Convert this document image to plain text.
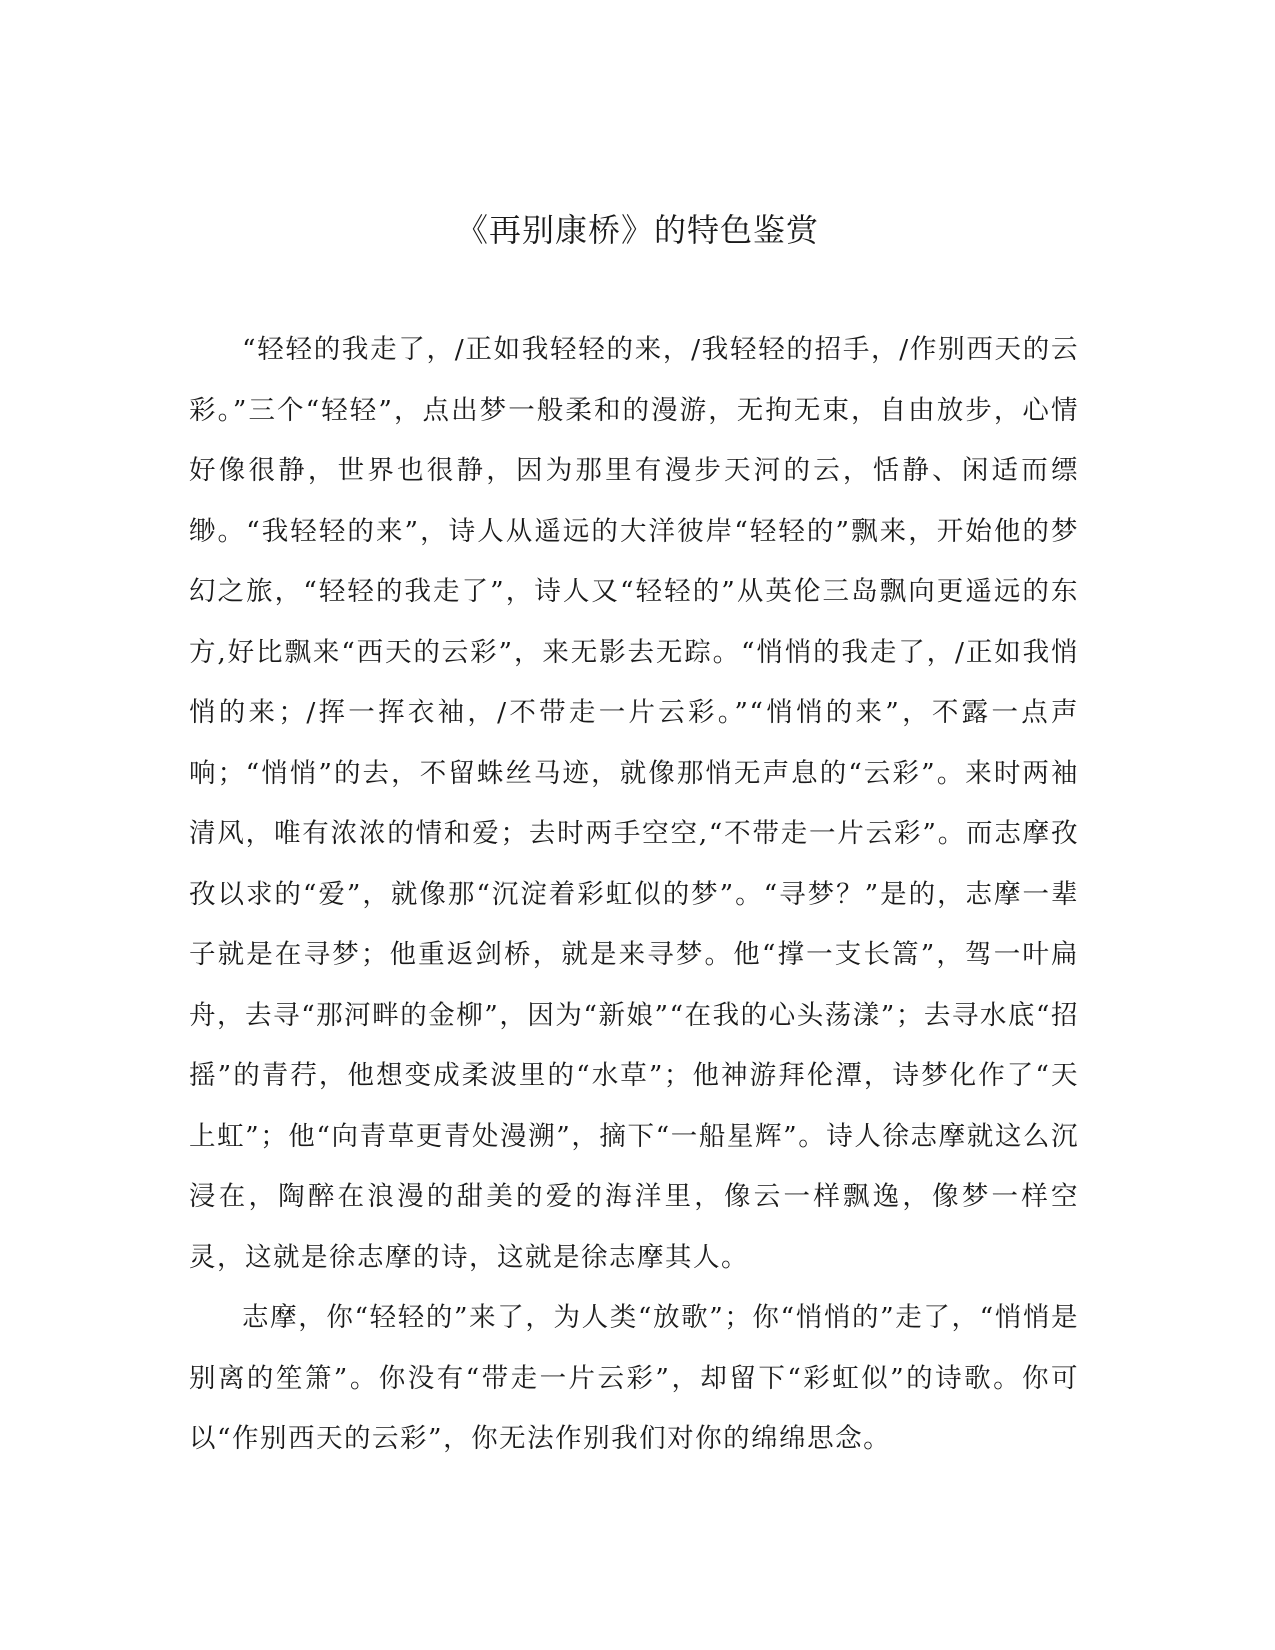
《再别康桥》的特色鉴赏

“轻轻的我走了，/正如我轻轻的来，/我轻轻的招手，/作别西天的云彩。”三个“轻轻”，点出梦一般柔和的漫游，无拘无束，自由放步，心情好像很静，世界也很静，因为那里有漫步天河的云，恬静、闲适而缥缈。“我轻轻的来”，诗人从遥远的大洋彼岸“轻轻的”飘来，开始他的梦幻之旅，“轻轻的我走了”，诗人又“轻轻的”从英伦三岛飘向更遥远的东方,好比飘来“西天的云彩”，来无影去无踪。“悄悄的我走了，/正如我悄悄的来；/挥一挥衣袖，/不带走一片云彩。”“悄悄的来”，不露一点声响；“悄悄”的去，不留蛛丝马迹，就像那悄无声息的“云彩”。来时两袖清风，唯有浓浓的情和爱；去时两手空空,“不带走一片云彩”。而志摩孜孜以求的“爱”，就像那“沉淀着彩虹似的梦”。“寻梦？”是的，志摩一辈子就是在寻梦；他重返剑桥，就是来寻梦。他“撑一支长篙”，驾一叶扁舟，去寻“那河畔的金柳”，因为“新娘”“在我的心头荡漾”；去寻水底“招摇”的青荇，他想变成柔波里的“水草”；他神游拜伦潭，诗梦化作了“天上虹”；他“向青草更青处漫溯”，摘下“一船星辉”。诗人徐志摩就这么沉浸在，陶醉在浪漫的甜美的爱的海洋里，像云一样飘逸，像梦一样空灵，这就是徐志摩的诗，这就是徐志摩其人。

志摩，你“轻轻的”来了，为人类“放歌”；你“悄悄的”走了，“悄悄是别离的笙箫”。你没有“带走一片云彩”，却留下“彩虹似”的诗歌。你可以“作别西天的云彩”，你无法作别我们对你的绵绵思念。
